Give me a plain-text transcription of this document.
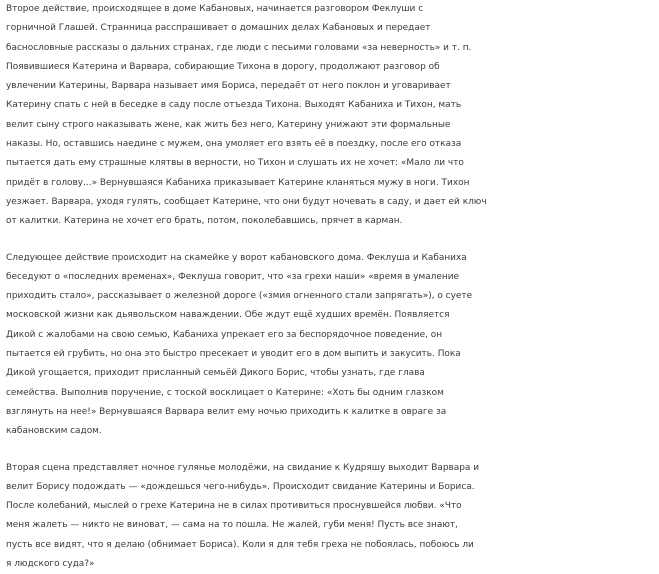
Второе действие, происходящее в доме Кабановых, начинается разговором Феклуши с
горничной Глашей. Странница расспрашивает о домашних делах Кабановых и передает
баснословные рассказы о дальних странах, где люди с песьими головами «за неверность» и т. п.
Появившиеся Катерина и Варвара, собирающие Тихона в дорогу, продолжают разговор об
увлечении Катерины, Варвара называет имя Бориса, передаёт от него поклон и уговаривает
Катерину спать с ней в беседке в саду после отъезда Тихона. Выходят Кабаниха и Тихон, мать
велит сыну строго наказывать жене, как жить без него, Катерину унижают эти формальные
наказы. Но, оставшись наедине с мужем, она умоляет его взять её в поездку, после его отказа
пытается дать ему страшные клятвы в верности, но Тихон и слушать их не хочет: «Мало ли что
придёт в голову...» Вернувшаяся Кабаниха приказывает Катерине кланяться мужу в ноги. Тихон
уезжает. Варвара, уходя гулять, сообщает Катерине, что они будут ночевать в саду, и дает ей ключ
от калитки. Катерина не хочет его брать, потом, поколебавшись, прячет в карман.
Следующее действие происходит на скамейке у ворот кабановского дома. Феклуша и Кабаниха
беседуют о «последних временах», Феклуша говорит, что «за грехи наши» «время в умаление
приходить стало», рассказывает о железной дороге («змия огненного стали запрягать»), о суете
московской жизни как дьявольском наваждении. Обе ждут ещё худших времён. Появляется
Дикой с жалобами на свою семью, Кабаниха упрекает его за беспорядочное поведение, он
пытается ей грубить, но она это быстро пресекает и уводит его в дом выпить и закусить. Пока
Дикой угощается, приходит присланный семьёй Дикого Борис, чтобы узнать, где глава
семейства. Выполнив поручение, с тоской восклицает о Катерине: «Хоть бы одним глазком
взглянуть на нее!» Вернувшаяся Варвара велит ему ночью приходить к калитке в овраге за
кабановским садом.
Вторая сцена представляет ночное гулянье молодёжи, на свидание к Кудряшу выходит Варвара и
велит Борису подождать — «дождешься чего-нибудь». Происходит свидание Катерины и Бориса.
После колебаний, мыслей о грехе Катерина не в силах противиться проснувшейся любви. «Что
меня жалеть — никто не виноват, — сама на то пошла. Не жалей, губи меня! Пусть все знают,
пусть все видят, что я делаю (обнимает Бориса). Коли я для тебя греха не побоялась, побоюсь ли
я людского суда?»
